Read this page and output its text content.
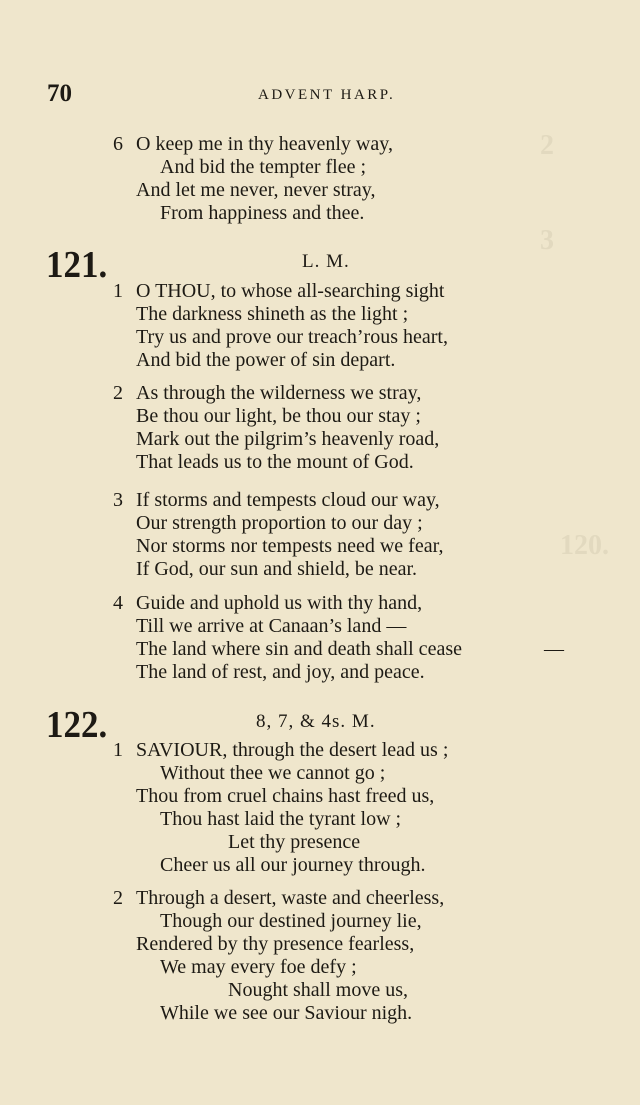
2
3
120.
70	ADVENT HARP.
6 O keep me in thy heavenly way,
And bid the tempter flee ;
And let me never, never stray,
From happiness and thee.
121.	L. M.
1 O THOU, to whose all-searching sight
The darkness shineth as the light ;
Try us and prove our treach’rous heart,
And bid the power of sin depart.
2 As through the wilderness we stray,
Be thou our light, be thou our stay ;
Mark out the pilgrim’s heavenly road,
That leads us to the mount of God.
3 If storms and tempests cloud our way,
Our strength proportion to our day ;
Nor storms nor tempests need we fear,
If God, our sun and shield, be near.
4 Guide and uphold us with thy hand,
Till we arrive at Canaan’s land —
The land where sin and death shall cease	—
The land of rest, and joy, and peace.
122.	8, 7, & 4s. M.
1 SAVIOUR, through the desert lead us ;
Without thee we cannot go ;
Thou from cruel chains hast freed us,
Thou hast laid the tyrant low ;
Let thy presence
Cheer us all our journey through.
2 Through a desert, waste and cheerless,
Though our destined journey lie,
Rendered by thy presence fearless,
We may every foe defy ;
Nought shall move us,
While we see our Saviour nigh.
